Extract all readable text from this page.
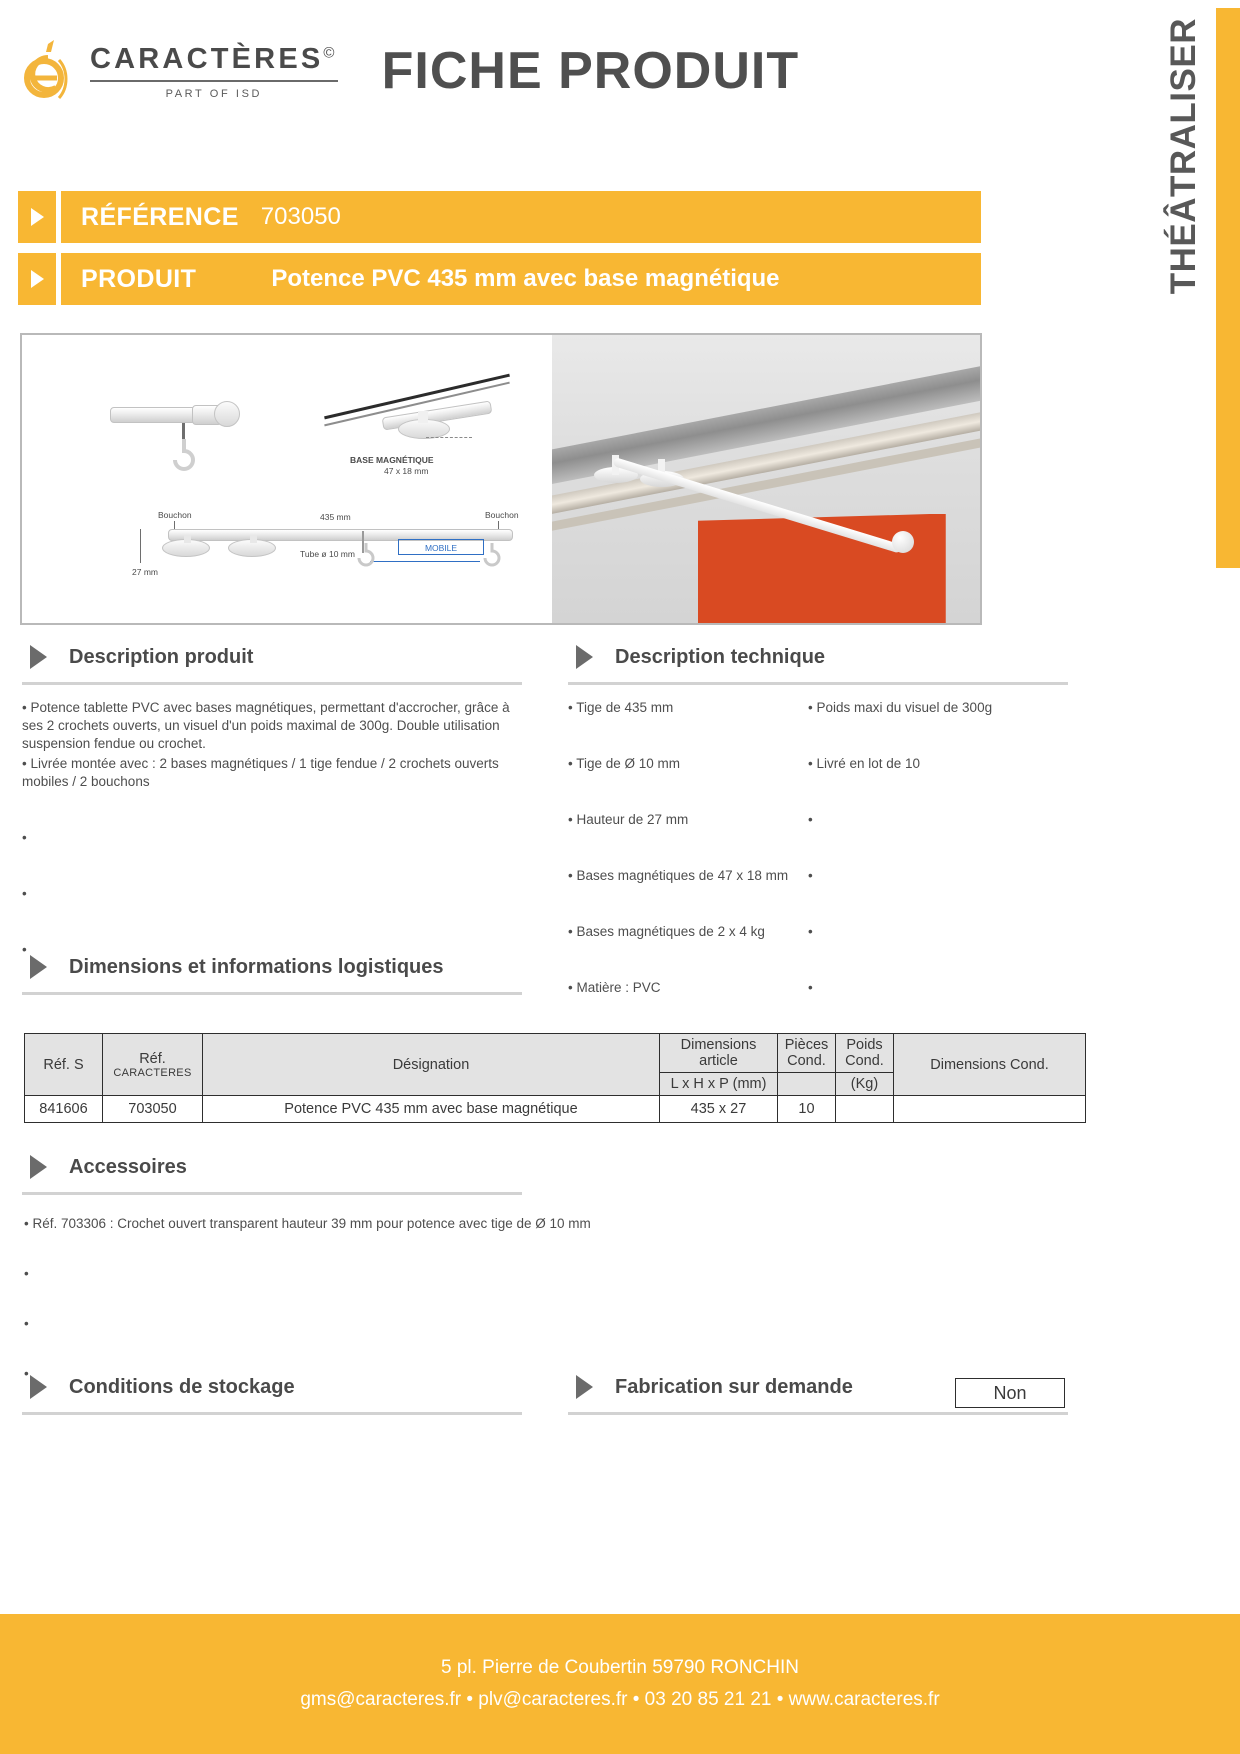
CARACTÈRES©
PART OF ISD	FICHE PRODUIT	THÉÂTRALISER
RÉFÉRENCE 703050
PRODUIT	Potence PVC 435 mm avec base magnétique
BASE MAGNÉTIQUE
47 x 18 mm
Bouchon	Bouchon
435 mm
Tube ø 10 mm
MOBILE
27 mm
Description produit
• Potence tablette PVC avec bases magnétiques, permettant d'accrocher, grâce à ses 2 crochets ouverts, un visuel d'un poids maximal de 300g. Double utilisation suspension fendue ou crochet.
• Livrée montée avec : 2 bases magnétiques / 1 tige fendue / 2 crochets ouverts mobiles / 2 bouchons
•
•
•
Description technique
• Tige de 435 mm
• Tige de Ø 10 mm
• Hauteur de 27 mm
• Bases magnétiques de 47 x 18 mm
• Bases magnétiques de 2 x 4 kg
• Matière : PVC
• Poids maxi du visuel de 300g
• Livré en lot de 10
•
•
•
•
Dimensions et informations logistiques
Réf. S	Réf.
CARACTERES	Désignation	Dimensions article	Pièces Cond.	Poids Cond.	Dimensions Cond.
			L x H x P (mm)		(Kg)	
841606	703050	Potence PVC 435 mm avec base magnétique	435 x 27	10		
Accessoires
• Réf. 703306 : Crochet ouvert transparent hauteur 39 mm pour potence avec tige de Ø 10 mm
•
•
•
Conditions de stockage	Fabrication sur demande	Non
5 pl. Pierre de Coubertin 59790 RONCHIN
gms@caracteres.fr • plv@caracteres.fr • 03 20 85 21 21 • www.caracteres.fr
